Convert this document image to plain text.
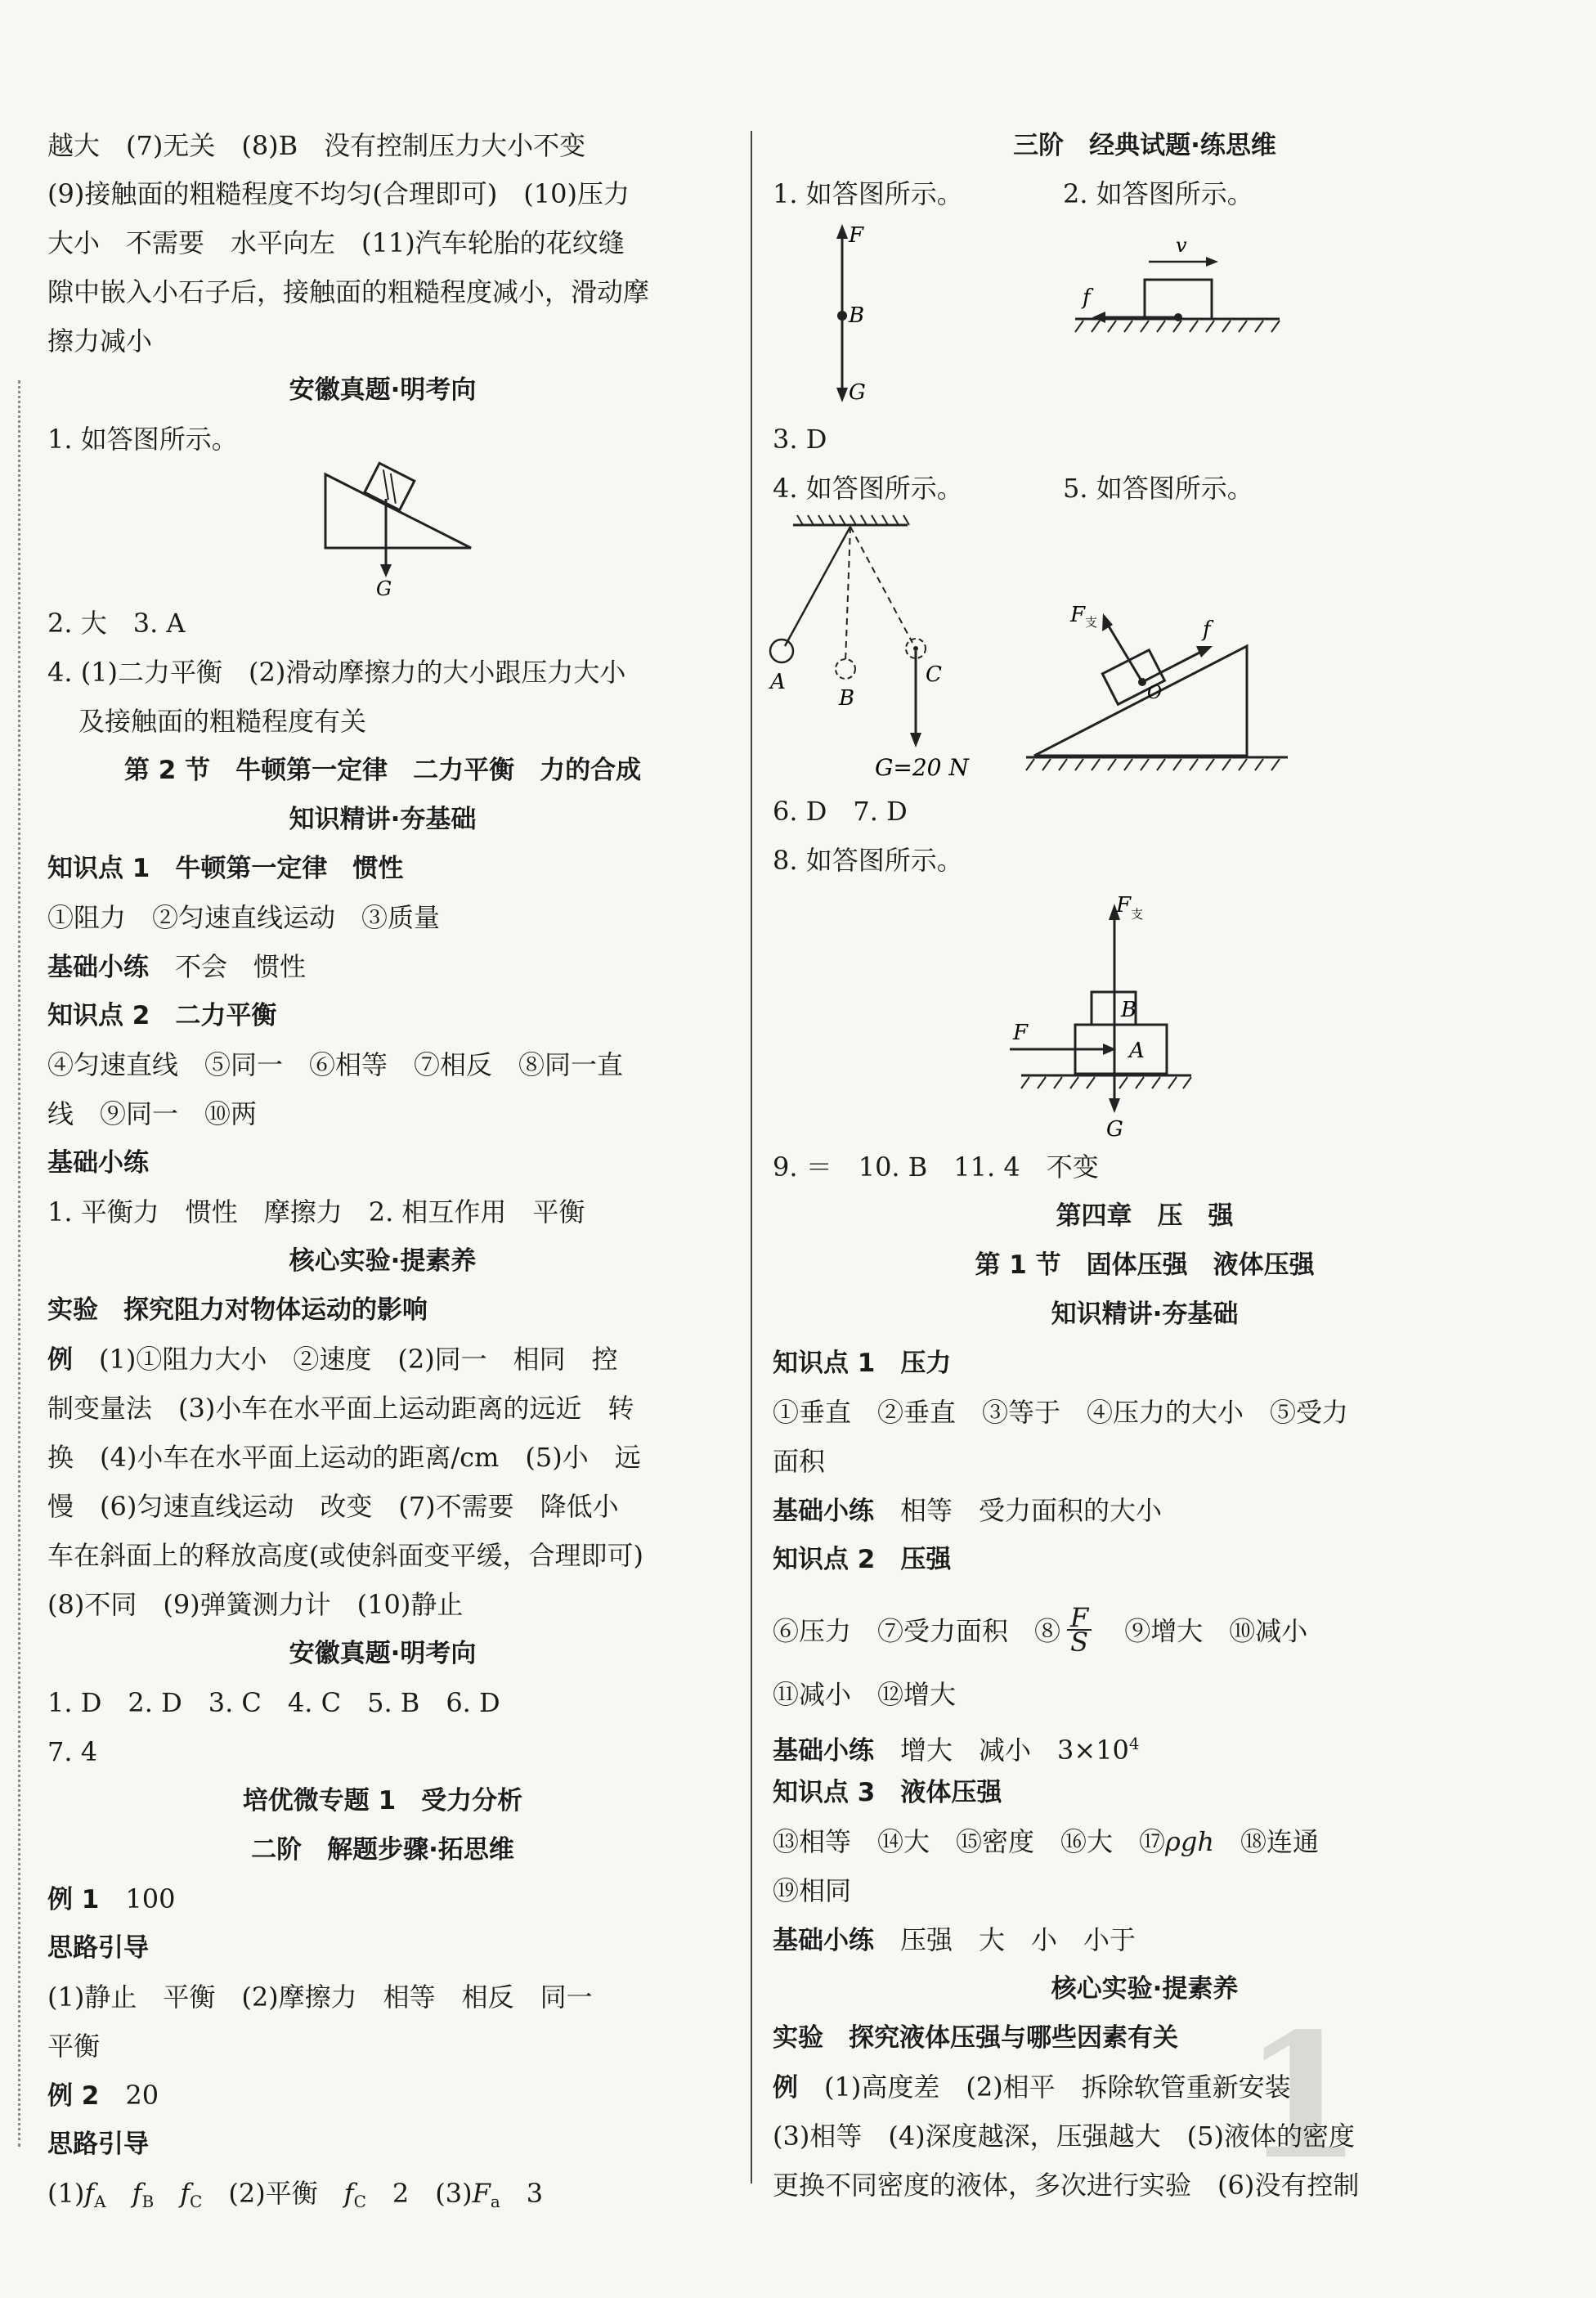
1
越大　(7)无关　(8)B　没有控制压力大小不变
(9)接触面的粗糙程度不均匀(合理即可)　(10)压力
大小　不需要　水平向左　(11)汽车轮胎的花纹缝
隙中嵌入小石子后，接触面的粗糙程度减小，滑动摩
擦力减小
安徽真题·明考向
1. 如答图所示。
G
2. 大　3. A
4. (1)二力平衡　(2)滑动摩擦力的大小跟压力大小
及接触面的粗糙程度有关
第 2 节　牛顿第一定律　二力平衡　力的合成
知识精讲·夯基础
知识点 1　牛顿第一定律　惯性
①阻力　②匀速直线运动　③质量
基础小练　 不会　惯性
知识点 2　二力平衡
④匀速直线　⑤同一　⑥相等　⑦相反　⑧同一直
线　⑨同一　⑩两
基础小练
1. 平衡力　惯性　摩擦力　2. 相互作用　平衡
核心实验·提素养
实验　探究阻力对物体运动的影响
例　 (1)①阻力大小　②速度　(2)同一　相同　控
制变量法　(3)小车在水平面上运动距离的远近　转
换　(4)小车在水平面上运动的距离/cm　(5)小　远
慢　(6)匀速直线运动　改变　(7)不需要　降低小
车在斜面上的释放高度(或使斜面变平缓，合理即可)
(8)不同　(9)弹簧测力计　(10)静止
安徽真题·明考向
1. D　2. D　3. C　4. C　5. B　6. D
7. 4
培优微专题 1　受力分析
二阶　解题步骤·拓思维
例 1　 100
思路引导
(1)静止　平衡　(2)摩擦力　相等　相反　同一
平衡
例 2　 20
思路引导
$(1)f_A$　 $f_B$　 $f_C$　 (2)平衡　 $f_C$　 2　$(3)F_a$　 3
三阶　经典试题·练思维
1. 如答图所示。	2. 如答图所示。
F
B
G
v
f
3. D
4. 如答图所示。	5. 如答图所示。
A
B
C
G=20 N
F 支	f
O
6. D　7. D
8. 如答图所示。
F 支
B
A
F
G
9. ＝　10. B　11. 4　不变
第四章　压　强
第 1 节　固体压强　液体压强
知识精讲·夯基础
知识点 1　压力
①垂直　②垂直　③等于　④压力的大小　⑤受力
面积
基础小练　 相等　受力面积的大小
知识点 2　压强
⑥压力　⑦受力面积　⑧ $\frac{F}{S}$
　 ⑨增大　⑩减小
⑪减小　⑫增大
基础小练　 增大　减小　$3\times 10^4$
知识点 3　液体压强
⑬相等　⑭大　⑮密度　⑯大　⑰ρgh　 ⑱连通
⑲相同
基础小练　 压强　大　小　小于
核心实验·提素养
实验　探究液体压强与哪些因素有关
例　 (1)高度差　(2)相平　拆除软管重新安装
(3)相等　(4)深度越深，压强越大　(5)液体的密度
更换不同密度的液体，多次进行实验　(6)没有控制
